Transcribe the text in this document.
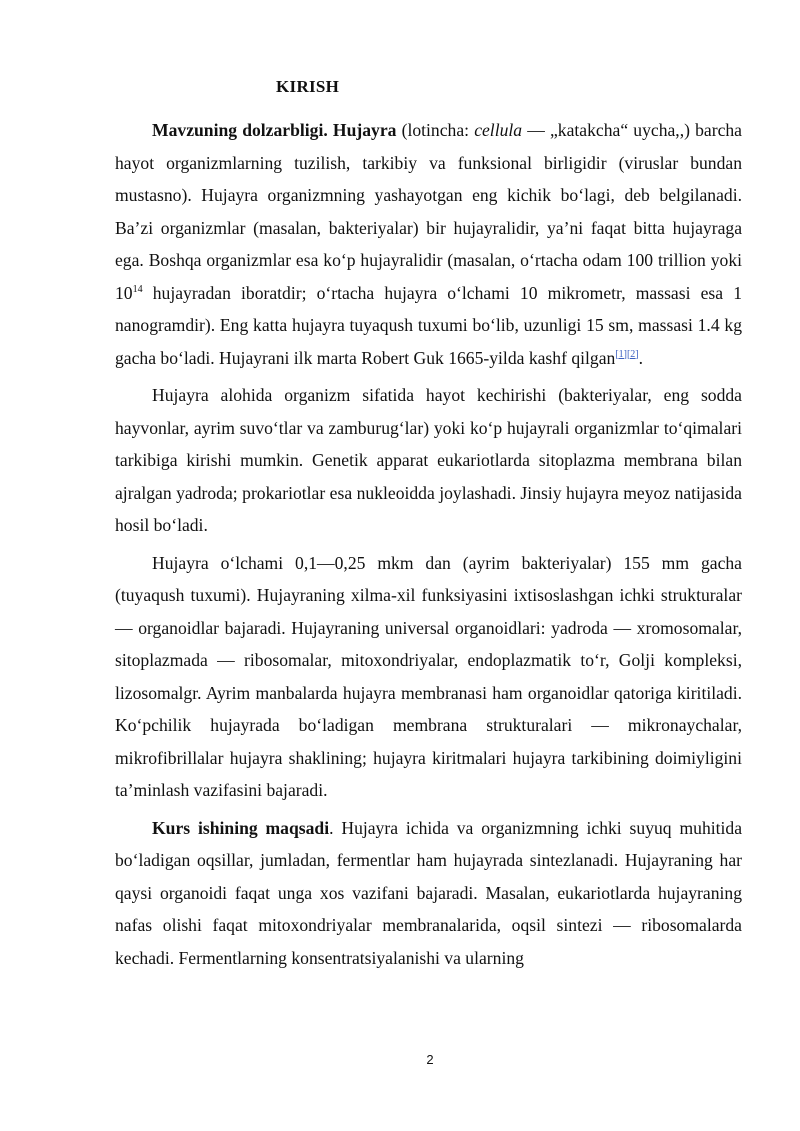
KIRISH

Mavzuning dolzarbligi. Hujayra (lotincha: cellula — „katakcha“ uycha,,) barcha hayot organizmlarning tuzilish, tarkibiy va funksional birligidir (viruslar bundan mustasno). Hujayra organizmning yashayotgan eng kichik bo‘lagi, deb belgilanadi. Ba’zi organizmlar (masalan, bakteriyalar) bir hujayralidir, ya’ni faqat bitta hujayraga ega. Boshqa organizmlar esa ko‘p hujayralidir (masalan, o‘rtacha odam 100 trillion yoki $10^{14}$ hujayradan iboratdir; o‘rtacha hujayra o‘lchami 10 mikrometr, massasi esa 1 nanogramdir). Eng katta hujayra tuyaqush tuxumi bo‘lib, uzunligi 15 sm, massasi 1.4 kg gacha bo‘ladi. Hujayrani ilk marta Robert Guk 1665-yilda kashf qilgan[1][2].

Hujayra alohida organizm sifatida hayot kechirishi (bakteriyalar, eng sodda hayvonlar, ayrim suvo‘tlar va zamburug‘lar) yoki ko‘p hujayrali organizmlar to‘qimalari tarkibiga kirishi mumkin. Genetik apparat eukariotlarda sitoplazma membrana bilan ajralgan yadroda; prokariotlar esa nukleoidda joylashadi. Jinsiy hujayra meyoz natijasida hosil bo‘ladi.

Hujayra o‘lchami 0,1—0,25 mkm dan (ayrim bakteriyalar) 155 mm gacha (tuyaqush tuxumi). Hujayraning xilma-xil funksiyasini ixtisoslashgan ichki strukturalar — organoidlar bajaradi. Hujayraning universal organoidlari: yadroda — xromosomalar, sitoplazmada — ribosomalar, mitoxondriyalar, endoplazmatik to‘r, Golji kompleksi, lizosomalgr. Ayrim manbalarda hujayra membranasi ham organoidlar qatoriga kiritiladi. Ko‘pchilik hujayrada bo‘ladigan membrana strukturalari — mikronaychalar, mikrofibrillalar hujayra shaklining; hujayra kiritmalari hujayra tarkibining doimiyligini ta’minlash vazifasini bajaradi.

Kurs ishining maqsadi. Hujayra ichida va organizmning ichki suyuq muhitida bo‘ladigan oqsillar, jumladan, fermentlar ham hujayrada sintezlanadi. Hujayraning har qaysi organoidi faqat unga xos vazifani bajaradi. Masalan, eukariotlarda hujayraning nafas olishi faqat mitoxondriyalar membranalarida, oqsil sintezi — ribosomalarda kechadi. Fermentlarning konsentratsiyalanishi va ularning

2
